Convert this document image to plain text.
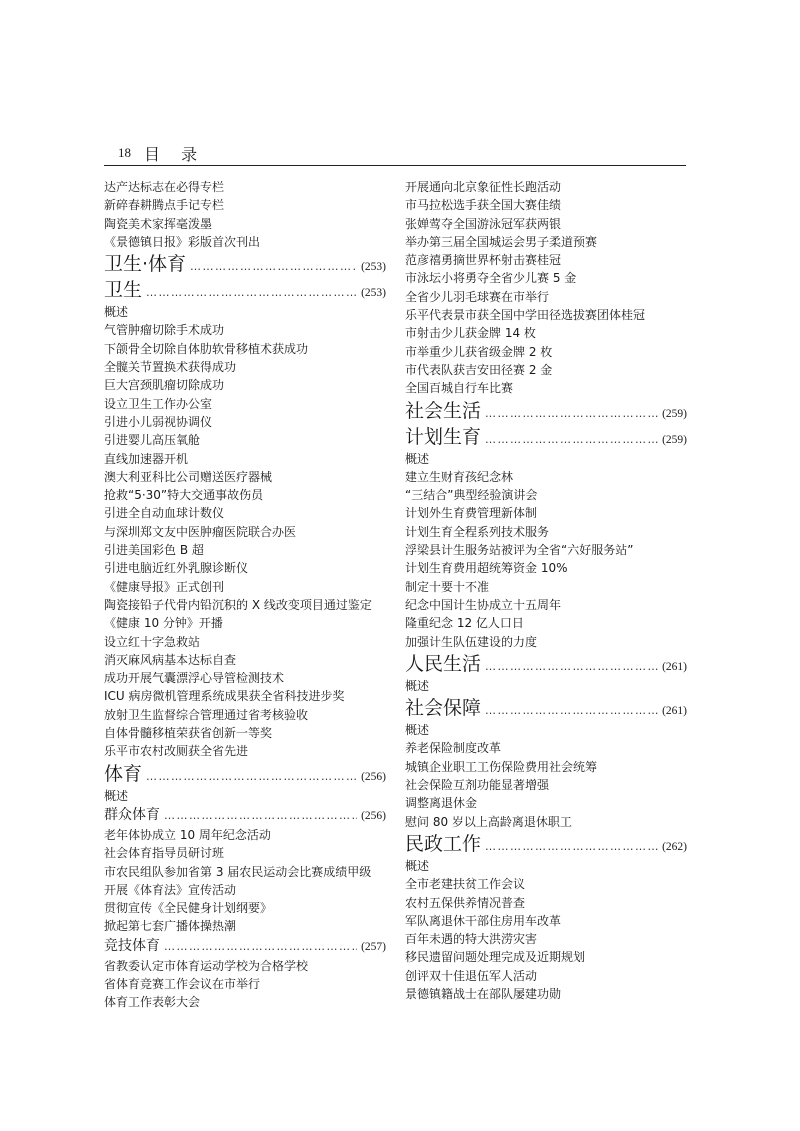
18 目 录
达产达标志在必得专栏
新碎春耕腾点手记专栏
陶瓷美术家挥毫泼墨
《景德镇日报》彩版首次刊出
卫生·体育 …………………………………………………………………………………………………	(253)
卫生 …………………………………………………………………………………………………	(253)
概述
气管肿瘤切除手术成功
下颌骨全切除自体肋软骨移植术获成功
全髋关节置换术获得成功
巨大宫颈肌瘤切除成功
设立卫生工作办公室
引进小儿弱视协调仪
引进婴儿高压氧舱
直线加速器开机
澳大利亚科比公司赠送医疗器械
抢救“5·30”特大交通事故伤员
引进全自动血球计数仪
与深圳郑文友中医肿瘤医院联合办医
引进美国彩色 B 超
引进电脑近红外乳腺诊断仪
《健康导报》正式创刊
陶瓷接铅子代骨内铅沉积的 X 线改变项目通过鉴定
《健康 10 分钟》开播
设立红十字急救站
消灭麻风病基本达标自查
成功开展气囊漂浮心导管检测技术
ICU 病房微机管理系统成果获全省科技进步奖
放射卫生监督综合管理通过省考核验收
自体骨髓移植荣获省创新一等奖
乐平市农村改厕获全省先进
体育 …………………………………………………………………………………………………	(256)
概述
群众体育 …………………………………………………………………………………………………	(256)
老年体协成立 10 周年纪念活动
社会体育指导员研讨班
市农民组队参加省第 3 届农民运动会比赛成绩甲级
开展《体育法》宣传活动
贯彻宣传《全民健身计划纲要》
掀起第七套广播体操热潮
竞技体育 …………………………………………………………………………………………………	(257)
省教委认定市体育运动学校为合格学校
省体育竞赛工作会议在市举行
体育工作表彰大会
开展通向北京象征性长跑活动
市马拉松选手获全国大赛佳绩
张婵莺夺全国游泳冠军获两银
举办第三届全国城运会男子柔道预赛
范彦禧勇摘世界杯射击赛桂冠
市泳坛小将勇夺全省少儿赛 5 金
全省少儿羽毛球赛在市举行
乐平代表景市获全国中学田径选拔赛团体桂冠
市射击少儿获金牌 14 枚
市举重少儿获省级金牌 2 枚
市代表队获吉安田径赛 2 金
全国百城自行车比赛
社会生活 …………………………………………………………………………………………………	(259)
计划生育 …………………………………………………………………………………………………	(259)
概述
建立生财育孩纪念林
“三结合”典型经验演讲会
计划外生育费管理新体制
计划生育全程系列技术服务
浮梁县计生服务站被评为全省“六好服务站”
计划生育费用超统筹资金 10%
制定十要十不准
纪念中国计生协成立十五周年
隆重纪念 12 亿人口日
加强计生队伍建设的力度
人民生活 …………………………………………………………………………………………………	(261)
概述
社会保障 …………………………………………………………………………………………………	(261)
概述
养老保险制度改革
城镇企业职工工伤保险费用社会统筹
社会保险互剂功能显著增强
调整离退休金
慰问 80 岁以上高龄离退休职工
民政工作 …………………………………………………………………………………………………	(262)
概述
全市老建扶贫工作会议
农村五保供养情况普查
军队离退休干部住房用车改革
百年未遇的特大洪涝灾害
移民遗留问题处理完成及近期规划
创评双十佳退伍军人活动
景德镇籍战士在部队屡建功勋
